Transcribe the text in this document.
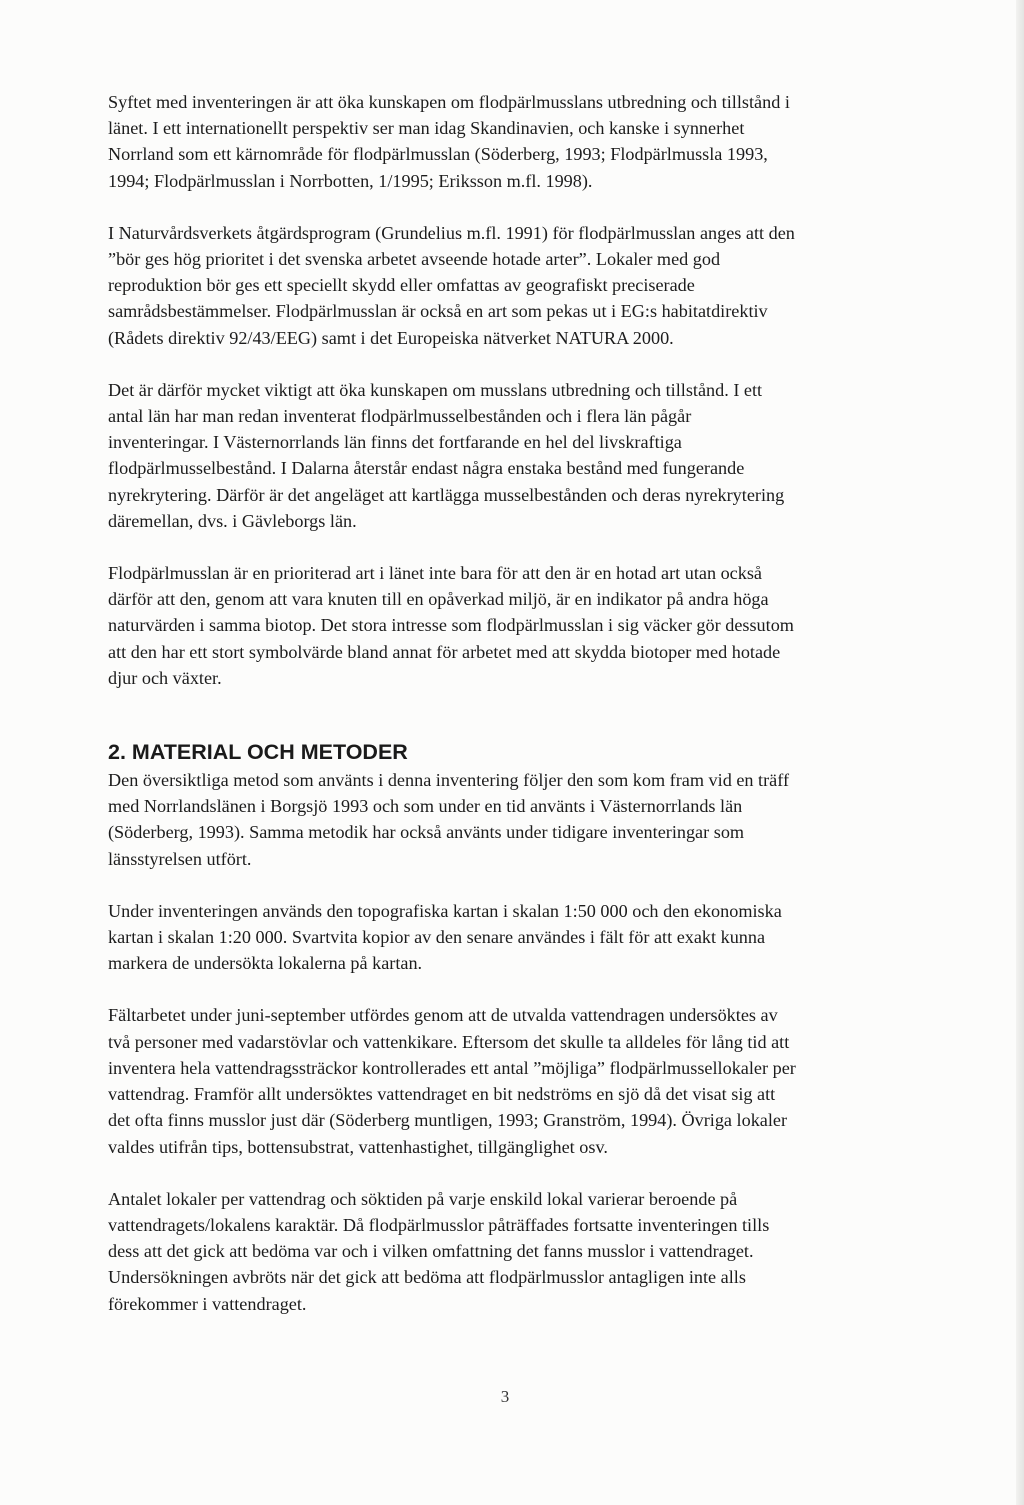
Syftet med inventeringen är att öka kunskapen om flodpärlmusslans utbredning och tillstånd i
länet. I ett internationellt perspektiv ser man idag Skandinavien, och kanske i synnerhet
Norrland som ett kärnområde för flodpärlmusslan (Söderberg, 1993; Flodpärlmussla 1993,
1994; Flodpärlmusslan i Norrbotten, 1/1995; Eriksson m.fl. 1998).
I Naturvårdsverkets åtgärdsprogram (Grundelius m.fl. 1991) för flodpärlmusslan anges att den
”bör ges hög prioritet i det svenska arbetet avseende hotade arter”. Lokaler med god
reproduktion bör ges ett speciellt skydd eller omfattas av geografiskt preciserade
samrådsbestämmelser. Flodpärlmusslan är också en art som pekas ut i EG:s habitatdirektiv
(Rådets direktiv 92/43/EEG) samt i det Europeiska nätverket NATURA 2000.
Det är därför mycket viktigt att öka kunskapen om musslans utbredning och tillstånd. I ett
antal län har man redan inventerat flodpärlmusselbestånden och i flera län pågår
inventeringar. I Västernorrlands län finns det fortfarande en hel del livskraftiga
flodpärlmusselbestånd. I Dalarna återstår endast några enstaka bestånd med fungerande
nyrekrytering. Därför är det angeläget att kartlägga musselbestånden och deras nyrekrytering
däremellan, dvs. i Gävleborgs län.
Flodpärlmusslan är en prioriterad art i länet inte bara för att den är en hotad art utan också
därför att den, genom att vara knuten till en opåverkad miljö, är en indikator på andra höga
naturvärden i samma biotop. Det stora intresse som flodpärlmusslan i sig väcker gör dessutom
att den har ett stort symbolvärde bland annat för arbetet med att skydda biotoper med hotade
djur och växter.
2. MATERIAL OCH METODER
Den översiktliga metod som använts i denna inventering följer den som kom fram vid en träff
med Norrlandslänen i Borgsjö 1993 och som under en tid använts i Västernorrlands län
(Söderberg, 1993). Samma metodik har också använts under tidigare inventeringar som
länsstyrelsen utfört.
Under inventeringen används den topografiska kartan i skalan 1:50 000 och den ekonomiska
kartan i skalan 1:20 000. Svartvita kopior av den senare användes i fält för att exakt kunna
markera de undersökta lokalerna på kartan.
Fältarbetet under juni-september utfördes genom att de utvalda vattendragen undersöktes av
två personer med vadarstövlar och vattenkikare. Eftersom det skulle ta alldeles för lång tid att
inventera hela vattendragssträckor kontrollerades ett antal ”möjliga” flodpärlmussellokaler per
vattendrag. Framför allt undersöktes vattendraget en bit nedströms en sjö då det visat sig att
det ofta finns musslor just där (Söderberg muntligen, 1993; Granström, 1994). Övriga lokaler
valdes utifrån tips, bottensubstrat, vattenhastighet, tillgänglighet osv.
Antalet lokaler per vattendrag och söktiden på varje enskild lokal varierar beroende på
vattendragets/lokalens karaktär. Då flodpärlmusslor påträffades fortsatte inventeringen tills
dess att det gick att bedöma var och i vilken omfattning det fanns musslor i vattendraget.
Undersökningen avbröts när det gick att bedöma att flodpärlmusslor antagligen inte alls
förekommer i vattendraget.
3
